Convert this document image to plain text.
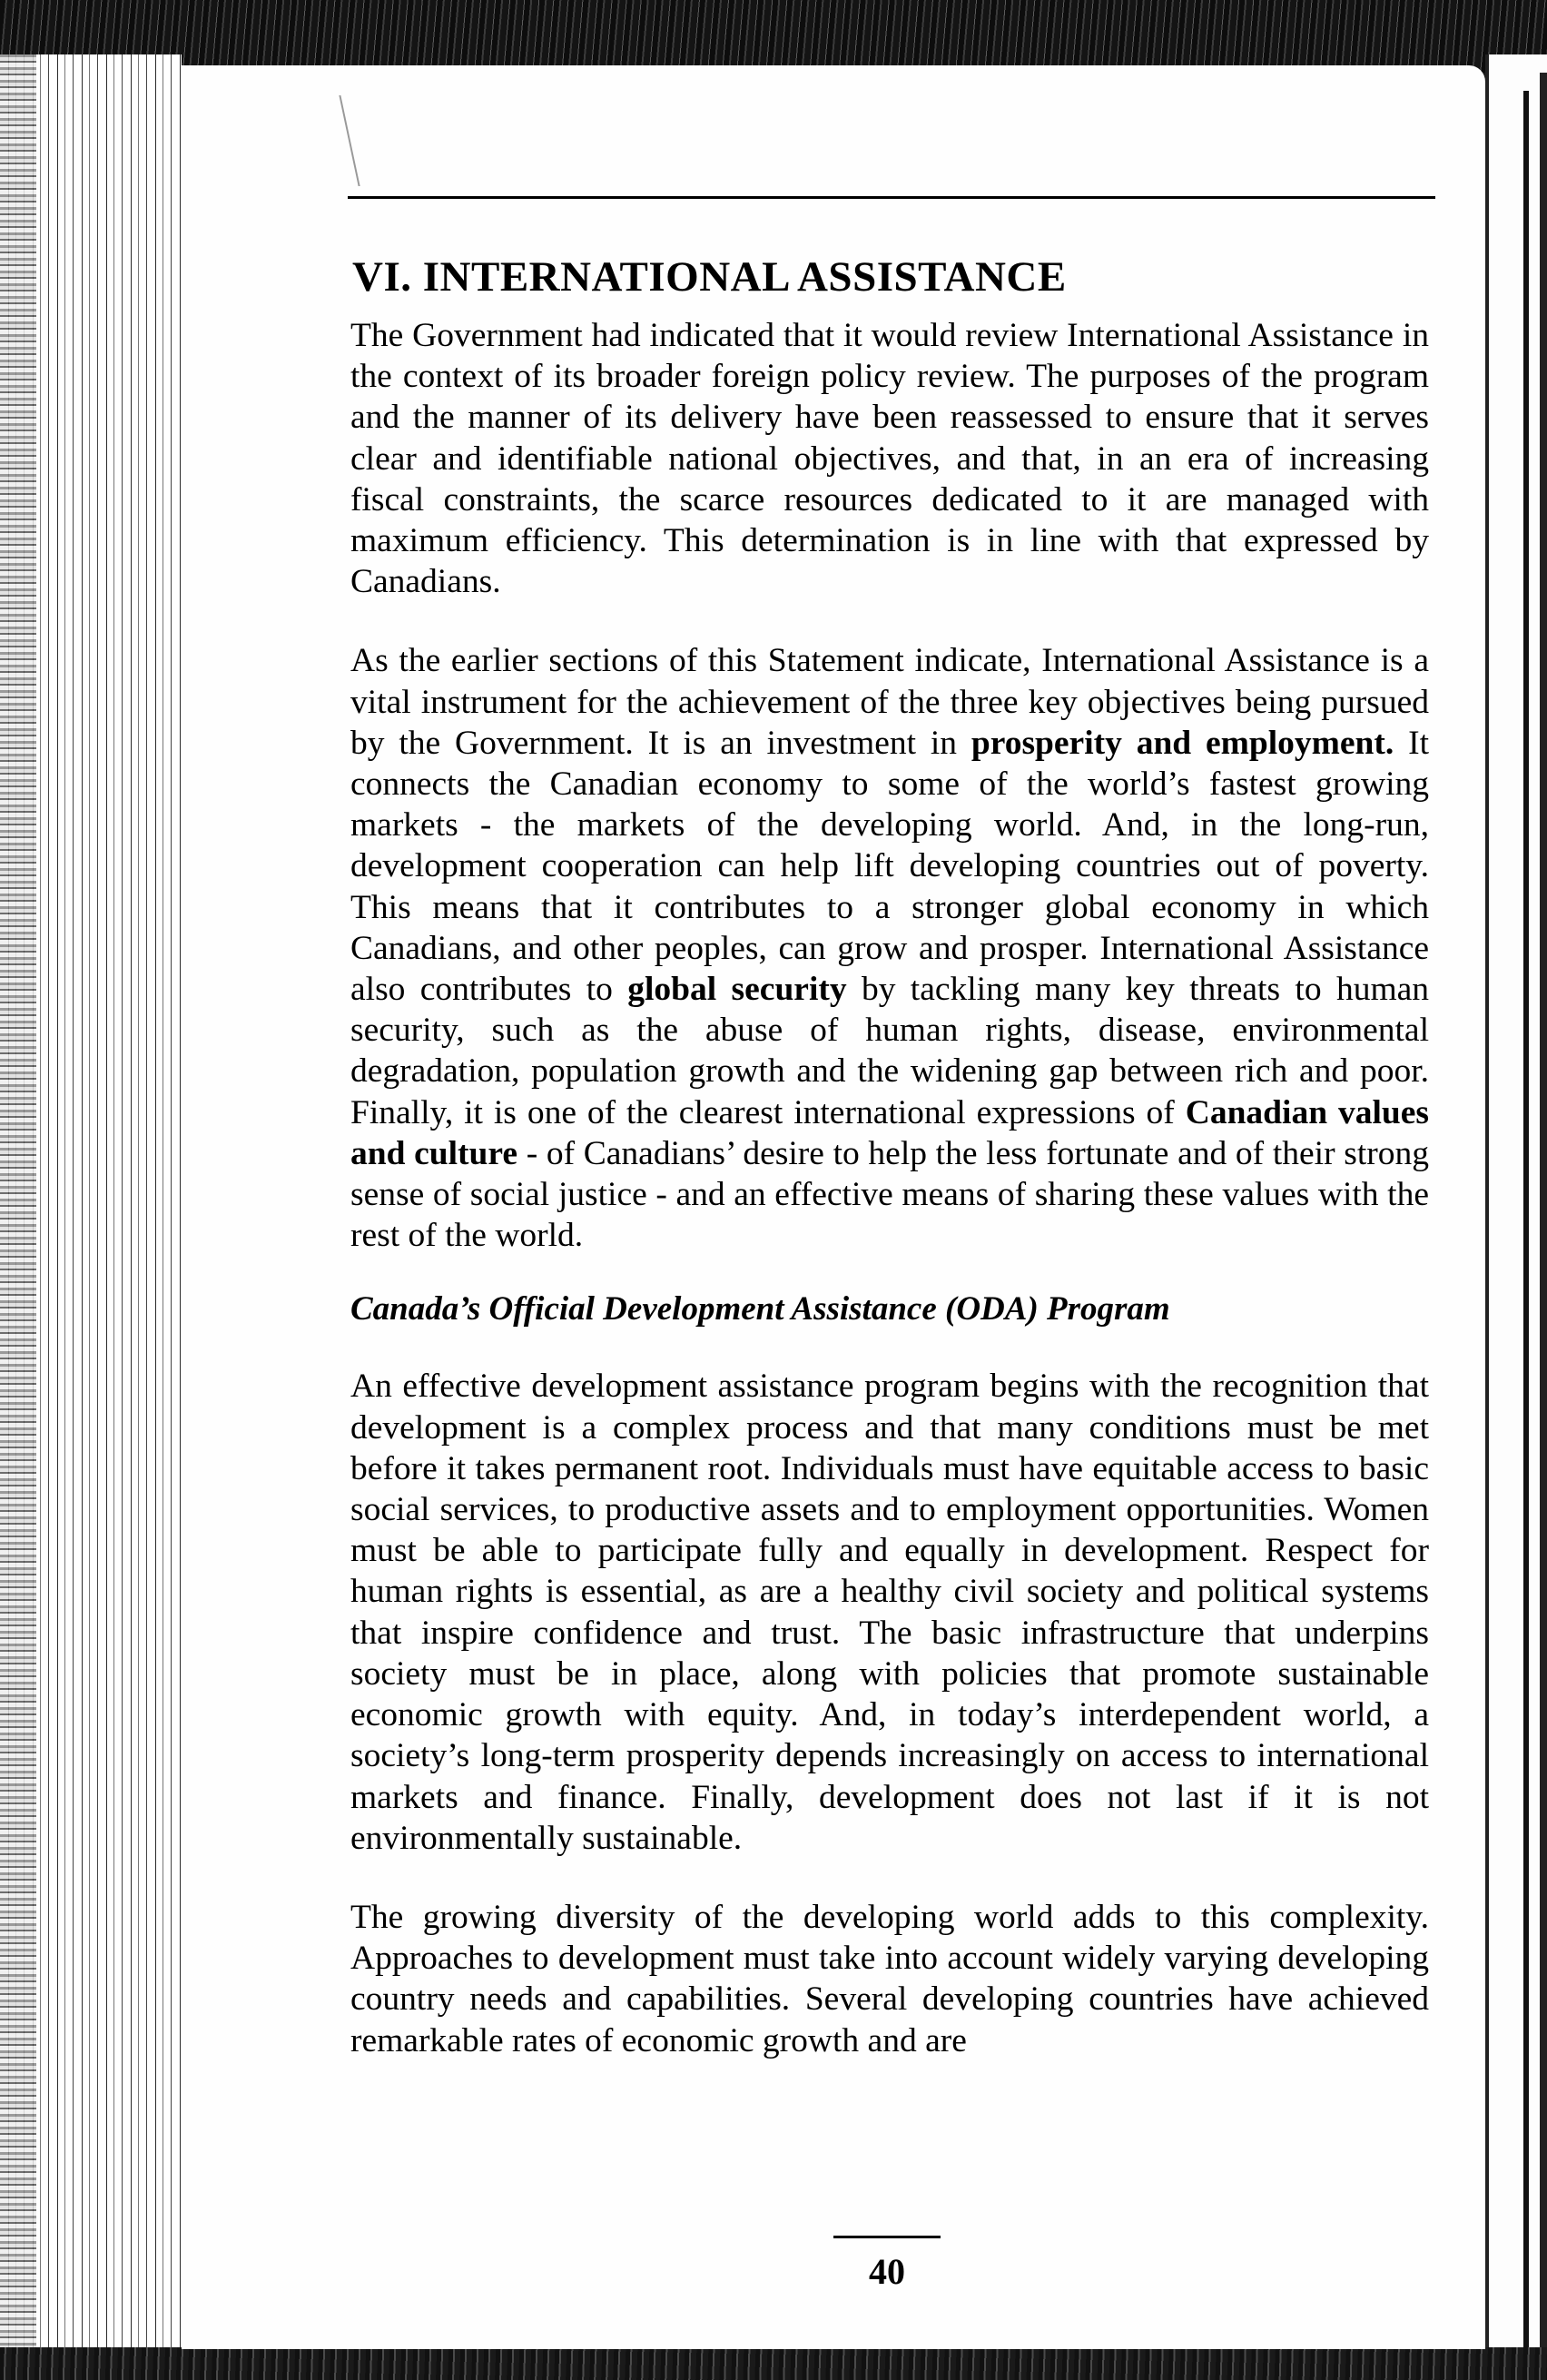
VI. INTERNATIONAL ASSISTANCE

The Government had indicated that it would review International Assistance in the context of its broader foreign policy review. The purposes of the program and the manner of its delivery have been reassessed to ensure that it serves clear and identifiable national objectives, and that, in an era of increasing fiscal constraints, the scarce resources dedicated to it are managed with maximum efficiency. This determination is in line with that expressed by Canadians.

As the earlier sections of this Statement indicate, International Assistance is a vital instrument for the achievement of the three key objectives being pursued by the Government. It is an investment in prosperity and employment. It connects the Canadian economy to some of the world’s fastest growing markets - the markets of the developing world. And, in the long-run, development cooperation can help lift developing countries out of poverty. This means that it contributes to a stronger global economy in which Canadians, and other peoples, can grow and prosper. International Assistance also contributes to global security by tackling many key threats to human security, such as the abuse of human rights, disease, environmental degradation, population growth and the widening gap between rich and poor. Finally, it is one of the clearest international expressions of Canadian values and culture - of Canadians’ desire to help the less fortunate and of their strong sense of social justice - and an effective means of sharing these values with the rest of the world.

Canada’s Official Development Assistance (ODA) Program

An effective development assistance program begins with the recognition that development is a complex process and that many conditions must be met before it takes permanent root. Individuals must have equitable access to basic social services, to productive assets and to employment opportunities. Women must be able to participate fully and equally in development. Respect for human rights is essential, as are a healthy civil society and political systems that inspire confidence and trust. The basic infrastructure that underpins society must be in place, along with policies that promote sustainable economic growth with equity. And, in today’s interdependent world, a society’s long-term prosperity depends increasingly on access to international markets and finance. Finally, development does not last if it is not environmentally sustainable.

The growing diversity of the developing world adds to this complexity. Approaches to development must take into account widely varying developing country needs and capabilities. Several developing countries have achieved remarkable rates of economic growth and are

40
